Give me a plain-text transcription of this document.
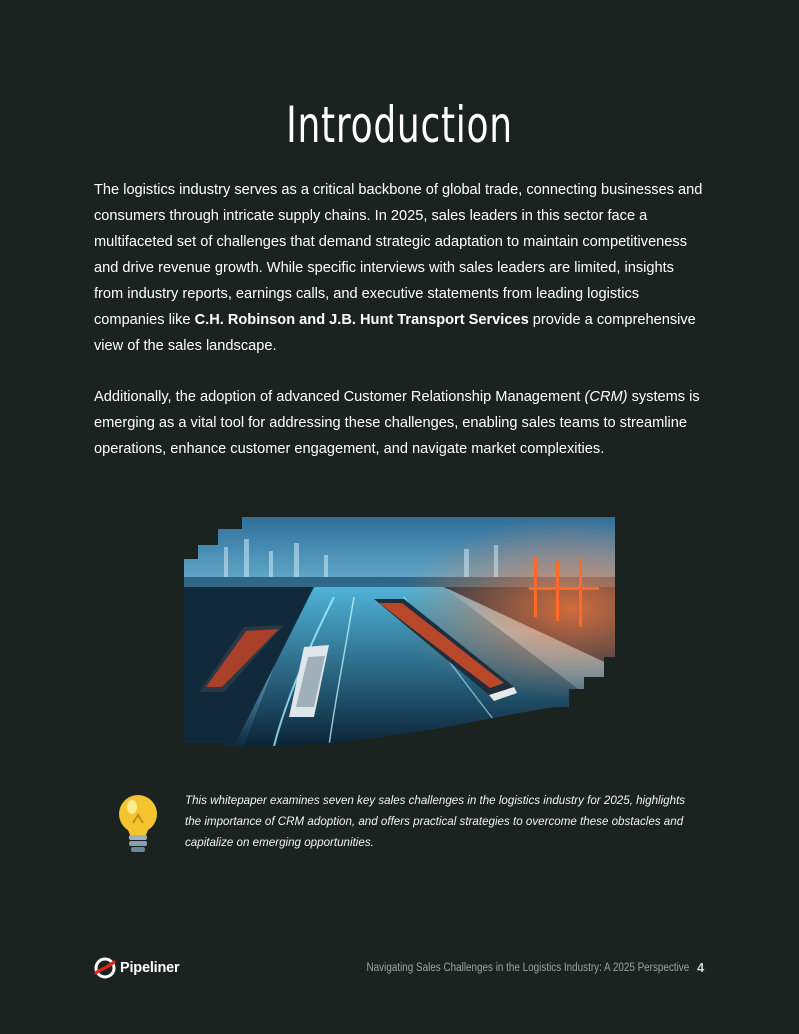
Introduction

The logistics industry serves as a critical backbone of global trade, connecting businesses and consumers through intricate supply chains. In 2025, sales leaders in this sector face a multifaceted set of challenges that demand strategic adaptation to maintain competitiveness and drive revenue growth. While specific interviews with sales leaders are limited, insights from industry reports, earnings calls, and executive statements from leading logistics companies like C.H. Robinson and J.B. Hunt Transport Services provide a comprehensive view of the sales landscape.

Additionally, the adoption of advanced Customer Relationship Management (CRM) systems is emerging as a vital tool for addressing these challenges, enabling sales teams to streamline operations, enhance customer engagement, and navigate market complexities.

This whitepaper examines seven key sales challenges in the logistics industry for 2025, highlights the importance of CRM adoption, and offers practical strategies to overcome these obstacles and capitalize on emerging opportunities.

Pipeliner	Navigating Sales Challenges in the Logistics Industry: A 2025 Perspective 4
